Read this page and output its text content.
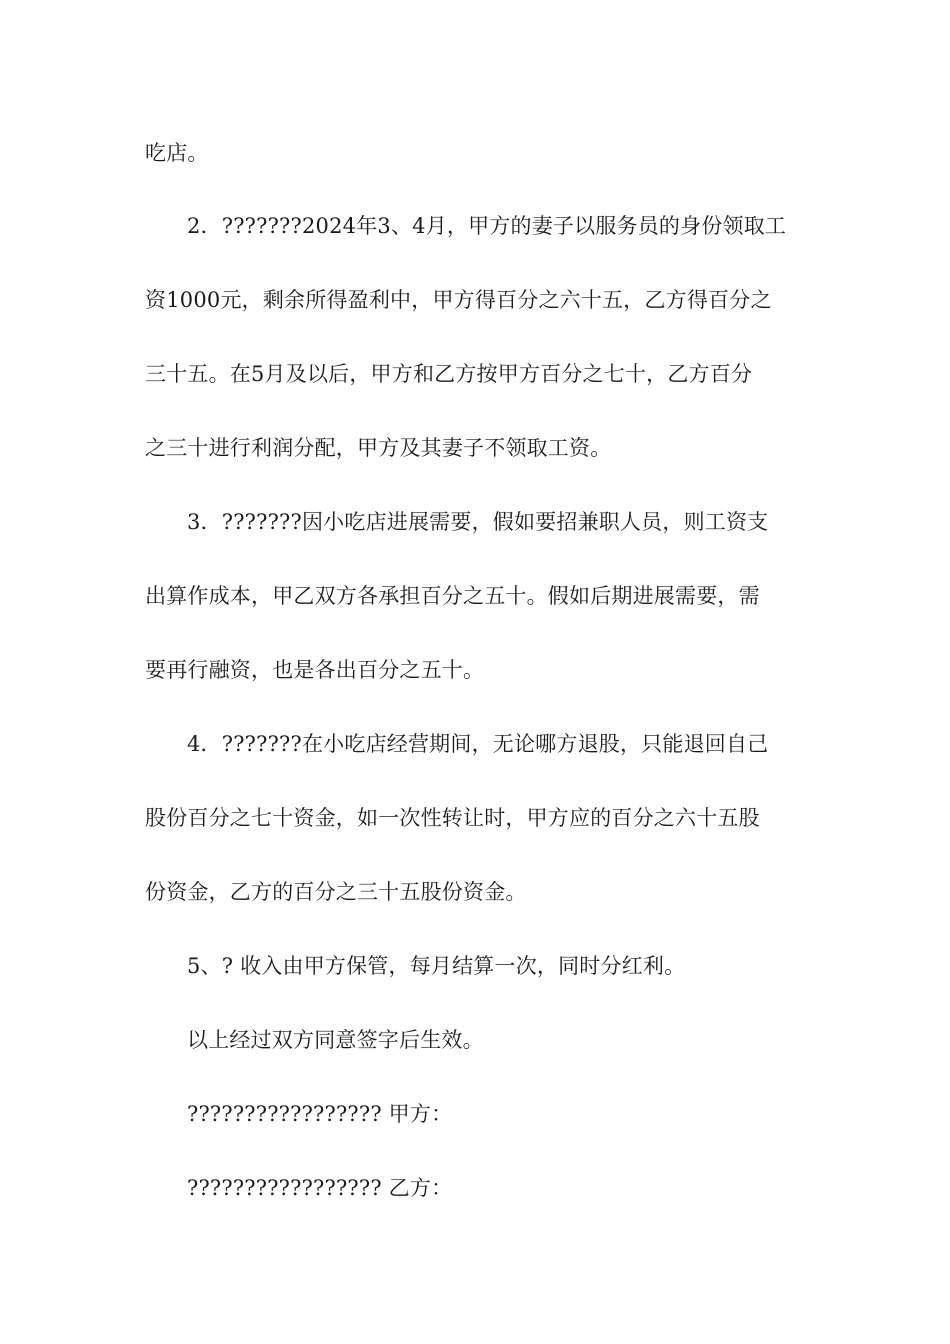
吃店。
2．???????2024年3、4月，甲方的妻子以服务员的身份领取工
资1000元，剩余所得盈利中，甲方得百分之六十五，乙方得百分之
三十五。在5月及以后，甲方和乙方按甲方百分之七十，乙方百分
之三十进行利润分配，甲方及其妻子不领取工资。
3．???????因小吃店进展需要，假如要招兼职人员，则工资支
出算作成本，甲乙双方各承担百分之五十。假如后期进展需要，需
要再行融资，也是各出百分之五十。
4．???????在小吃店经营期间，无论哪方退股，只能退回自己
股份百分之七十资金，如一次性转让时，甲方应的百分之六十五股
份资金，乙方的百分之三十五股份资金。
5、? 收入由甲方保管，每月结算一次，同时分红利。
以上经过双方同意签字后生效。
????????????????? 甲方：
????????????????? 乙方：
